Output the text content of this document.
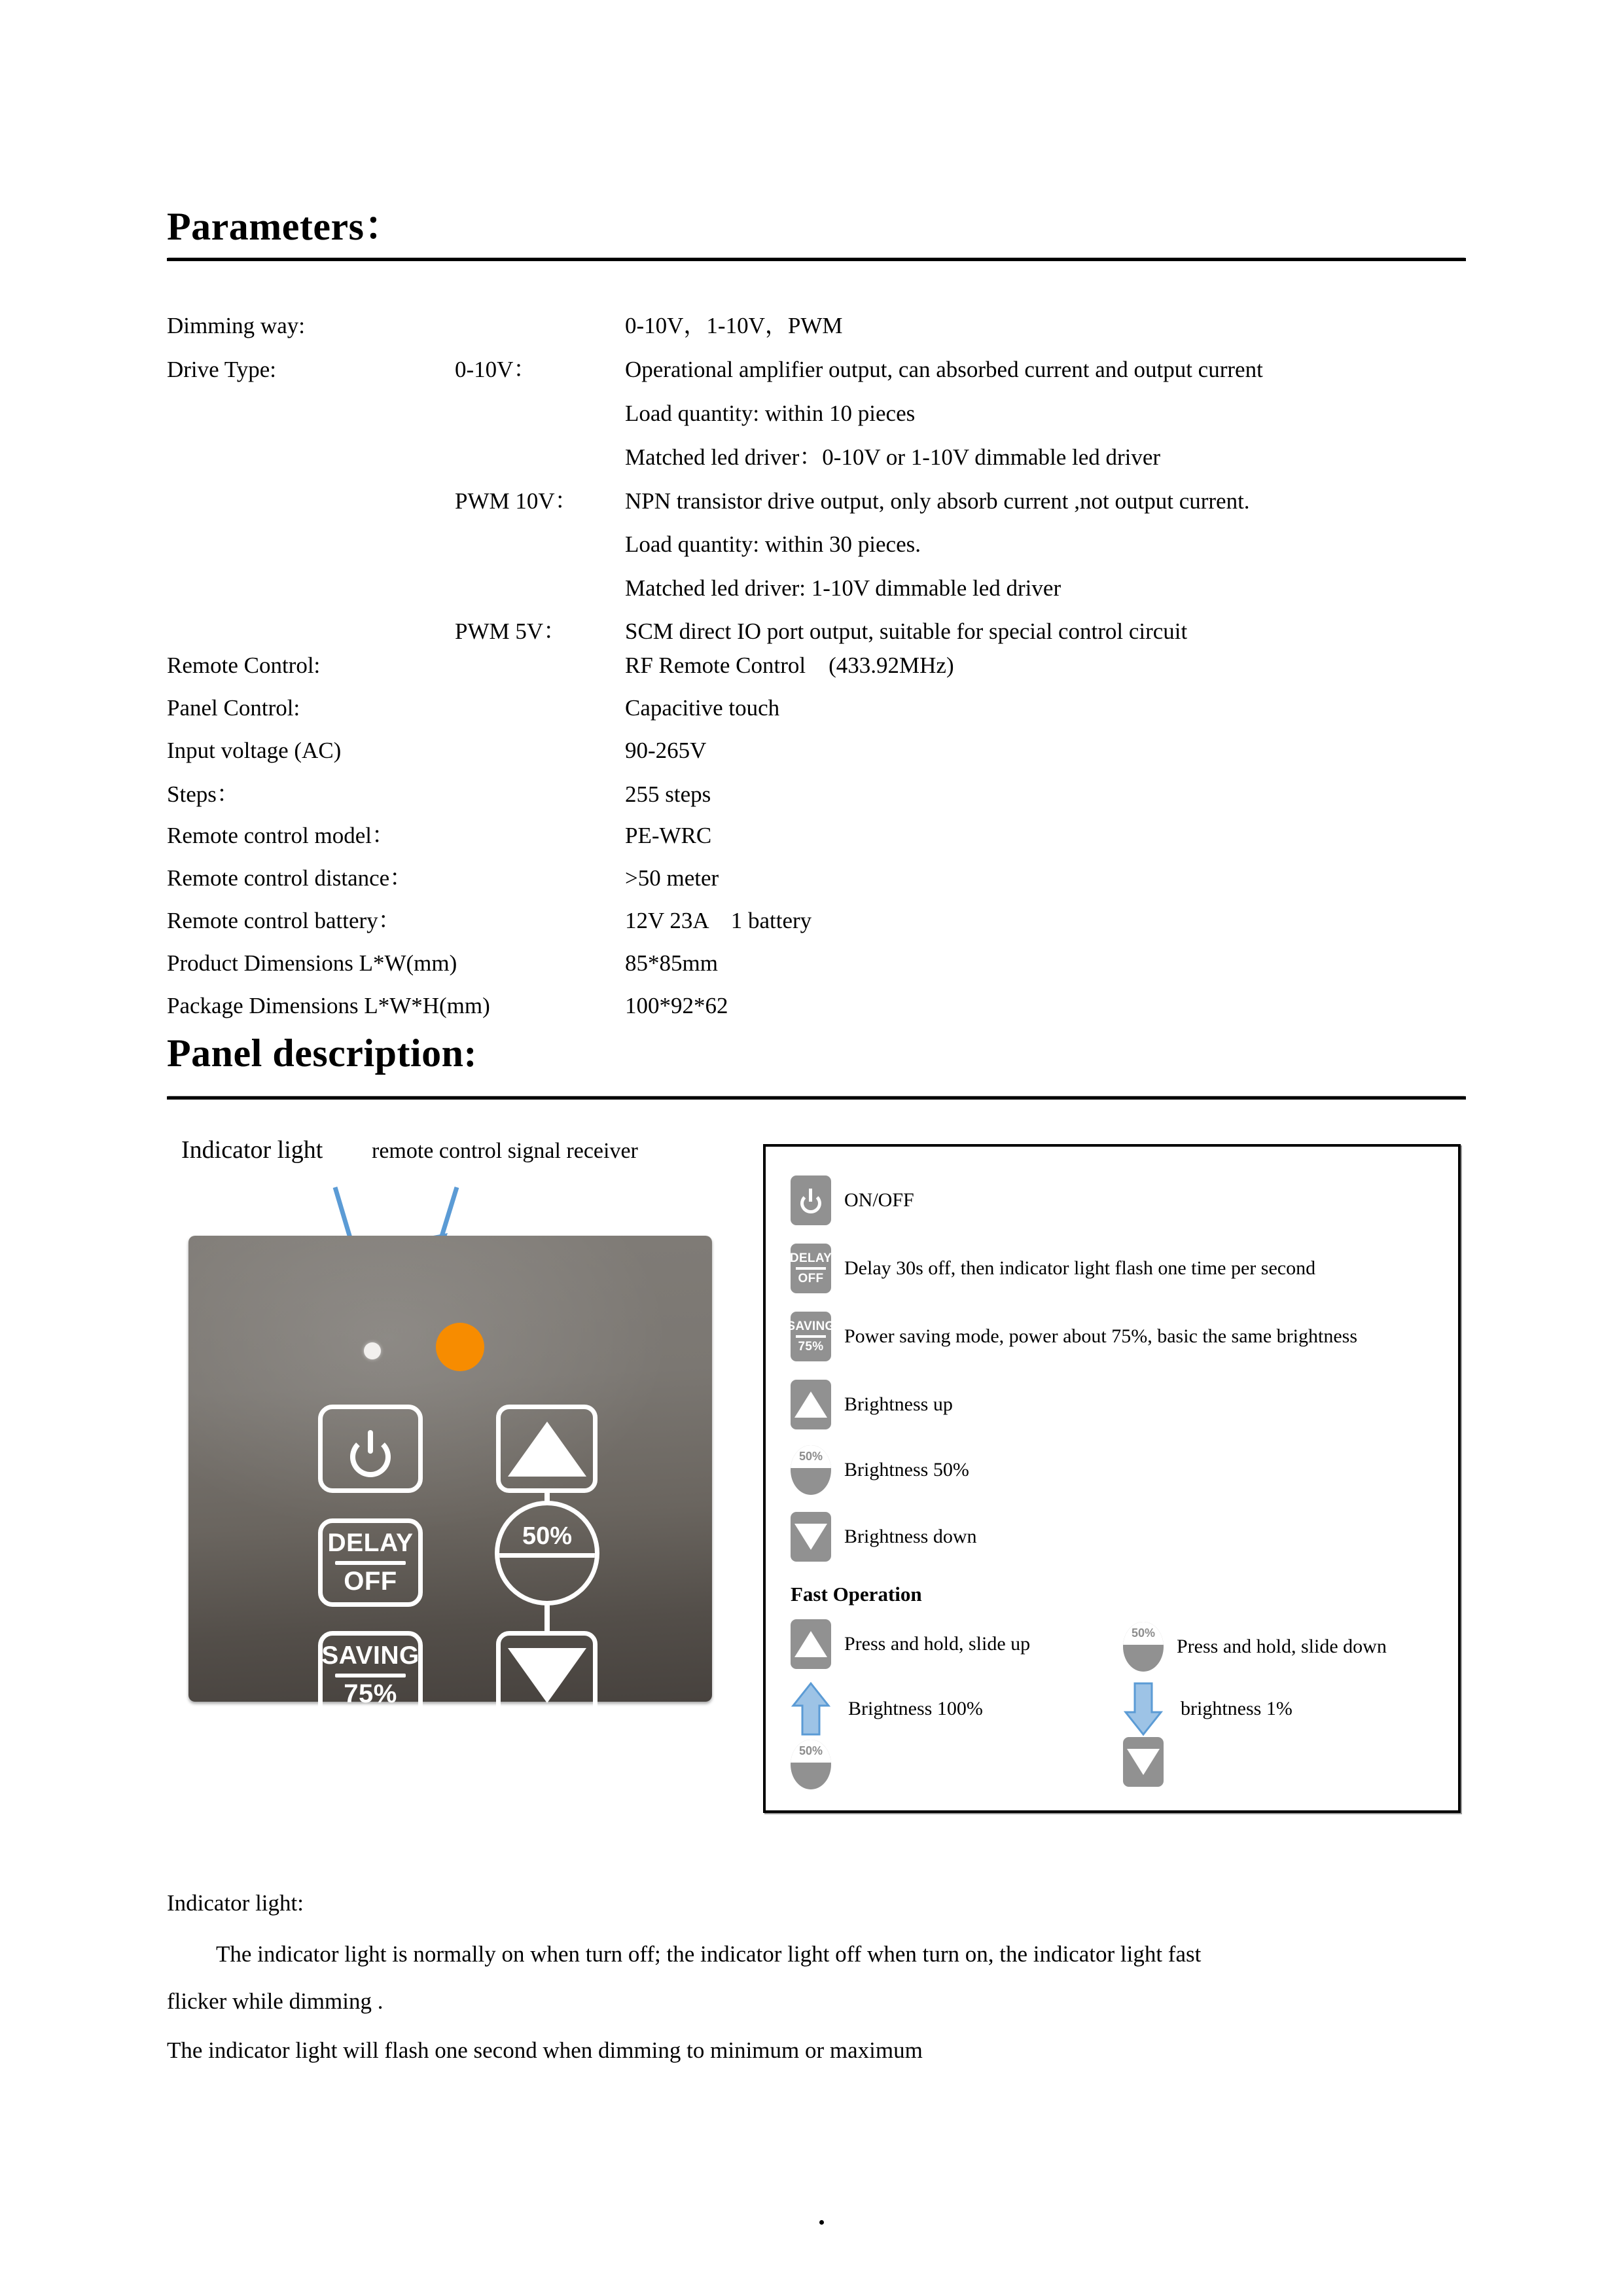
Parameters：
Dimming way:	0-10V，1-10V，PWM
Drive Type:	0-10V：	Operational amplifier output, can absorbed current and output current
Load quantity: within 10 pieces
Matched led driver：0-10V or 1-10V dimmable led driver
PWM 10V： NPN transistor drive output, only absorb current ,not output current.
Load quantity: within 30 pieces.
Matched led driver: 1-10V dimmable led driver
PWM 5V：	SCM direct IO port output, suitable for special control circuit
Remote Control:	RF Remote Control　(433.92MHz)
Panel Control:	Capacitive touch
Input voltage (AC)	90-265V
Steps：	255 steps
Remote control model：	PE-WRC
Remote control distance：	>50 meter
Remote control battery：	12V 23A　1 battery
Product Dimensions L*W(mm)	85*85mm
Package Dimensions L*W*H(mm)	100*92*62
Panel description:
Indicator light remote control signal receiver
DELAY
OFF
SAVING
75%
50%
ON/OFF
DELAY
OFF Delay 30s off, then indicator light flash one time per second
SAVING
75% Power saving mode, power about 75%, basic the same brightness
Brightness up
50%
Brightness 50%
Brightness down
Fast Operation
Press and hold, slide up
50%
Press and hold, slide down
Brightness 100%	brightness 1%
50%
Indicator light:
The indicator light is normally on when turn off; the indicator light off when turn on, the indicator light fast
flicker while dimming .
The indicator light will flash one second when dimming to minimum or maximum
